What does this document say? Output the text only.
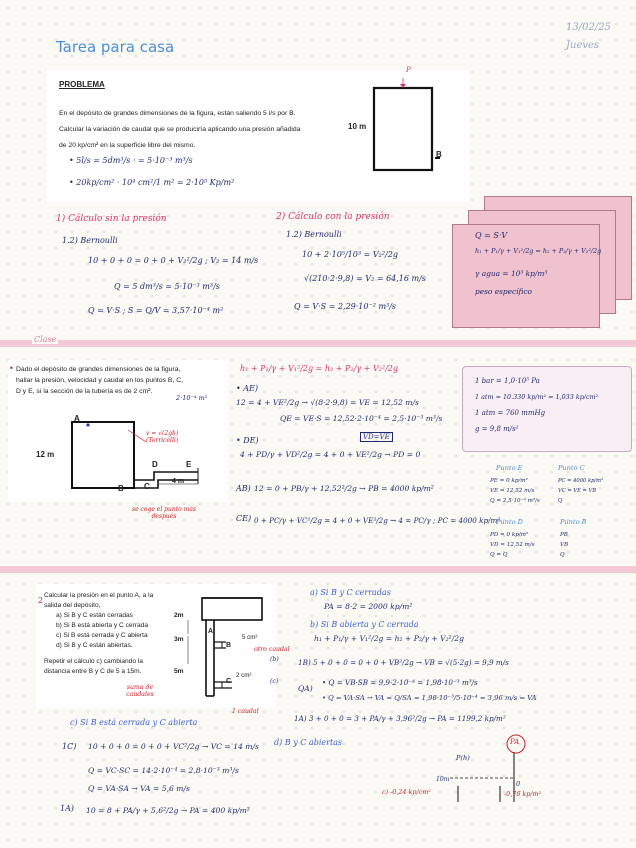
Tarea para casa
13/02/25
Jueves
PROBLEMA
En el depósito de grandes dimensiones de la figura, están saliendo 5 l/s por B.
Calcular la variación de caudal que se produciría aplicando una presión añadida
de 20 kp/cm² en la superficie libre del mismo.
• 5l/s = 5dm³/s · = 5·10⁻³ m³/s
• 20kp/cm² · 10⁴ cm²/1 m² = 2·10⁵ Kp/m²
10 m
B
P
1) Cálculo sin la presión
1.2) Bernoulli
10 + 0 + 0 = 0 + 0 + V₂²/2g ; V₂ = 14 m/s
Q = 5 dm³/s = 5·10⁻³ m³/s
Q = V·S ; S = Q/V = 3,57·10⁻⁴ m²
2) Cálculo con la presión
1.2) Bernoulli
10 + 2·10⁵/10³ = V₂²/2g
√(210·2·9,8) = V₂ = 64,16 m/s
Q = V·S = 2,29·10⁻² m³/s
Q = S·V
h₁ + P₁/γ + V₁²/2g = h₂ + P₂/γ + V₂²/2g
γ agua = 10³ kp/m³
peso específico
Clase
• Dado el depósito de grandes dimensiones de la figura,
hallar la presión, velocidad y caudal en los puntos B, C,
D y E, si la sección de la tubería es de 2 cm².
2·10⁻⁴ m²
A
B	C
D	E
12 m
4 m
v = √(2gh) (Torricelli)
se coge el punto más después
h₁ + P₁/γ + V₁²/2g = h₂ + P₂/γ + V₂²/2g
• AE)
12 = 4 + VE²/2g → √(8·2·9,8) = VE = 12,52 m/s
QE = VE·S = 12,52·2·10⁻⁴ = 2,5·10⁻³ m³/s
• DE)	VD=VE
4 + PD/γ + VD²/2g = 4 + 0 + VE²/2g → PD = 0
AB) 12 = 0 + PB/γ + 12,52²/2g → PB = 4000 kp/m²
CE) 0 + PC/γ + VC²/2g = 4 + 0 + VE²/2g → 4 = PC/γ ; PC = 4000 kp/m²
1 bar = 1,0·10⁵ Pa
1 atm = 10.330 kp/m² = 1,033 kp/cm²
1 atm = 760 mmHg
g = 9,8 m/s²
Punto E
PE = 0 kp/m²
VE = 12,52 m/s
Q = 2,5·10⁻³ m³/s
Punto C
PC = 4000 kp/m²
VC = VE = VB
Q
Punto D
PD = 0 kp/m²
VD = 12,52 m/s
Q = Q
Punto B
PB
VB
Q
2
Calcular la presión en el punto A, a la
salida del depósito,
a) Si B y C están cerradas
b) Si B está abierta y C cerrada
c) Si B está cerrada y C abierta
d) Si B y C están abiertas.
Repetir el cálculo c) cambiando la
distancia entre B y C de 5 a 15m.
2m
3m
5m
5 cm²
2 cm²
A
B
C
otro caudal
(b)
(c)
suma de caudales
1 caudal
a) Si B y C cerradas
PA = 8·2 = 2000 kp/m²
b) Si B abierta y C cerrada
h₁ + P₁/γ + V₁²/2g = h₂ + P₂/γ + V₂²/2g
1B) 5 + 0 + 0 = 0 + 0 + VB²/2g → VB = √(5·2g) = 9,9 m/s
QA)
• Q = VB·SB = 9,9·2·10⁻⁴ = 1,98·10⁻³ m³/s
• Q = VA·SA → VA = Q/SA = 1,98·10⁻³/5·10⁻⁴ = 3,96 m/s = VA
1A) 3 + 0 + 0 = 3 + PA/γ + 3,96²/2g → PA = 1199,2 kp/m²
c) Si B está cerrada y C abierta
1C) 10 + 0 + 0 = 0 + 0 + VC²/2g → VC = 14 m/s
Q = VC·SC = 14·2·10⁻⁴ = 2,8·10⁻³ m³/s
Q = VA·SA → VA = 5,6 m/s
1A) 10 = 8 + PA/γ + 5,6²/2g → PA = 400 kp/m²
d) B y C abiertas
P(h)
10m
0
PA
c) -0,24 kp/cm²	-0,76 kp/m²
